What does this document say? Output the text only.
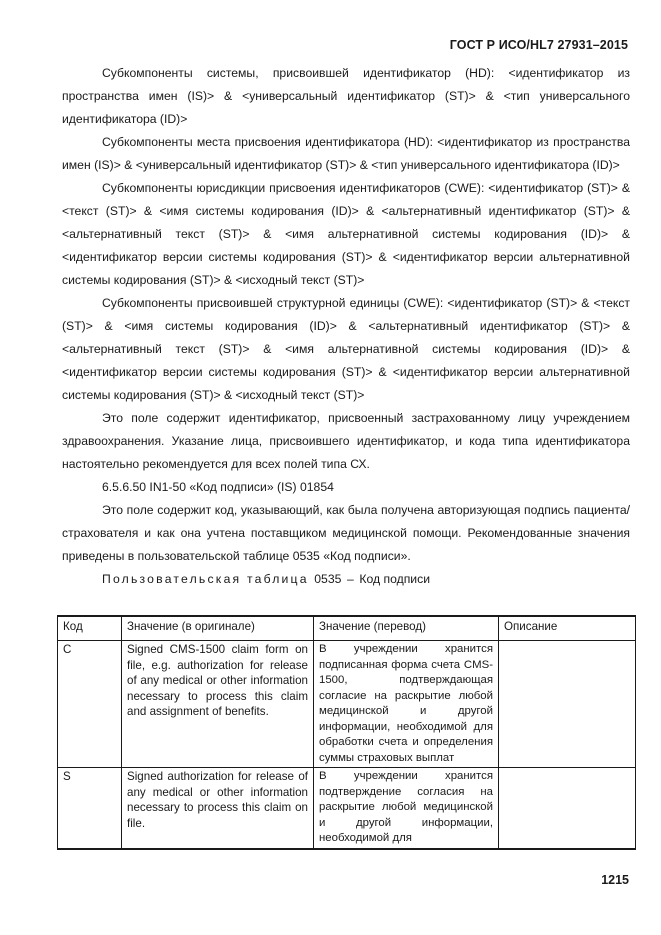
ГОСТ Р ИСО/HL7 27931–2015

Субкомпоненты системы, присвоившей идентификатор (HD): <идентификатор из пространства имен (IS)> & <универсальный идентификатор (ST)> & <тип универсального идентификатора (ID)>

Субкомпоненты места присвоения идентификатора (HD): <идентификатор из пространства имен (IS)> & <универсальный идентификатор (ST)> & <тип универсального идентификатора (ID)>

Субкомпоненты юрисдикции присвоения идентификаторов (CWE): <идентификатор (ST)> & <текст (ST)> & <имя системы кодирования (ID)> & <альтернативный идентификатор (ST)> & <альтернативный текст (ST)> & <имя альтернативной системы кодирования (ID)> & <идентификатор версии системы кодирования (ST)> & <идентификатор версии альтернативной системы кодирования (ST)> & <исходный текст (ST)>

Субкомпоненты присвоившей структурной единицы (CWE): <идентификатор (ST)> & <текст (ST)> & <имя системы кодирования (ID)> & <альтернативный идентификатор (ST)> & <альтернативный текст (ST)> & <имя альтернативной системы кодирования (ID)> & <идентификатор версии системы кодирования (ST)> & <идентификатор версии альтернативной системы кодирования (ST)> & <исходный текст (ST)>

Это поле содержит идентификатор, присвоенный застрахованному лицу учреждением здравоохранения. Указание лица, присвоившего идентификатор, и кода типа идентификатора настоятельно рекомендуется для всех полей типа СХ.

6.5.6.50 IN1-50 «Код подписи» (IS) 01854

Это поле содержит код, указывающий, как была получена авторизующая подпись пациента/страхователя и как она учтена поставщиком медицинской помощи. Рекомендованные значения приведены в пользовательской таблице 0535 «Код подписи».

Пользовательская таблица 0535 – Код подписи

Код	Значение (в оригинале)	Значение (перевод)	Описание
C	Signed CMS-1500 claim form on file, e.g. authorization for release of any medical or other information necessary to process this claim and assignment of benefits.	В учреждении хранится подписанная форма счета CMS-1500, подтверждающая согласие на раскрытие любой медицинской и другой информации, необходимой для обработки счета и определения суммы страховых выплат	
S	Signed authorization for release of any medical or other information necessary to process this claim on file.	В учреждении хранится подтверждение согласия на раскрытие любой медицинской и другой информации, необходимой для	
1215
